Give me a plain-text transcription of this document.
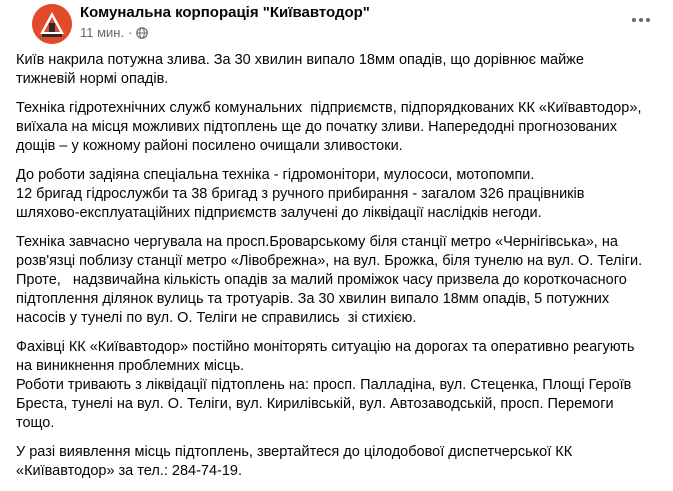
Комунальна корпорація "Київавтодор"
11 мин. ·
Київ накрила потужна злива. За 30 хвилин випало 18мм опадів, що дорівнює майже
тижневій нормі опадів.
Техніка гідротехнічних служб комунальних  підприємств, підпорядкованих КК «Київавтодор»,
виїхала на місця можливих підтоплень ще до початку зливи. Напередодні прогнозованих
дощів – у кожному районі посилено очищали зливостоки.
До роботи задіяна спеціальна техніка - гідромонітори, мулососи, мотопомпи.
12 бригад гідрослужби та 38 бригад з ручного прибирання - загалом 326 працівників
шляхово-експлуатаційних підприємств залучені до ліквідації наслідків негоди.
Техніка завчасно чергувала на просп.Броварському біля станції метро «Чернігівська», на
розв'язці поблизу станції метро «Лівобрежна», на вул. Брожка, біля тунелю на вул. О. Теліги.
Проте,   надзвичайна кількість опадів за малий проміжок часу призвела до короткочасного
підтоплення ділянок вулиць та тротуарів. За 30 хвилин випало 18мм опадів, 5 потужних
насосів у тунелі по вул. О. Теліги не справились  зі стихією.
Фахівці КК «Київавтодор» постійно моніторять ситуацію на дорогах та оперативно реагують
на виникнення проблемних місць.
Роботи тривають з ліквідації підтоплень на: просп. Палладіна, вул. Стеценка, Площі Героїв
Бреста, тунелі на вул. О. Теліги, вул. Кирилівській, вул. Автозаводській, просп. Перемоги
тощо.
У разі виявлення місць підтоплень, звертайтеся до цілодобової диспетчерської КК
«Київавтодор» за тел.: 284-74-19.
